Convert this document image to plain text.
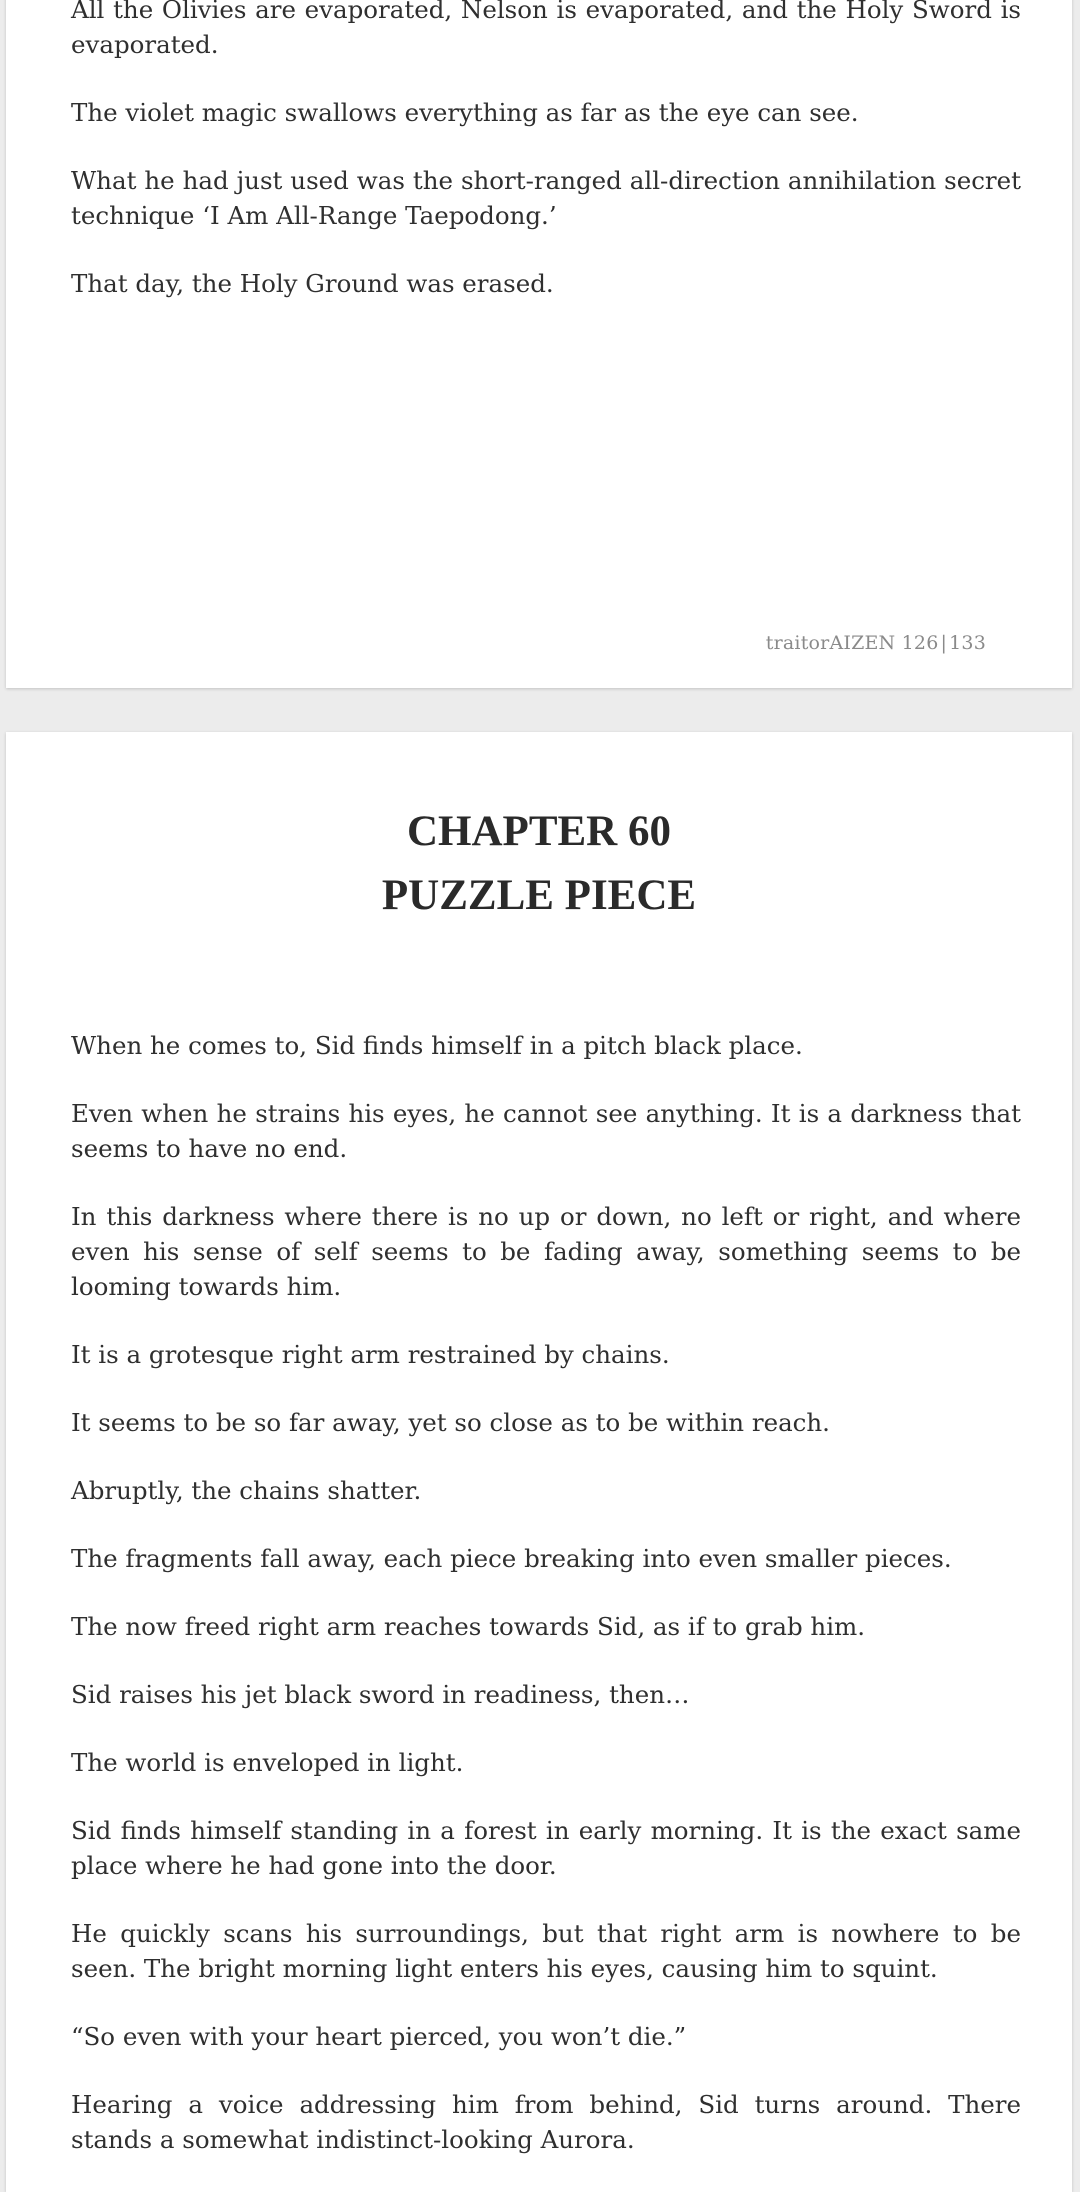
All the Olivies are evaporated, Nelson is evaporated, and the Holy Sword is evaporated.

The violet magic swallows everything as far as the eye can see.

What he had just used was the short-ranged all-direction annihilation secret technique ‘I Am All-Range Taepodong.’

That day, the Holy Ground was erased.

traitorAIZEN 126 | 133
CHAPTER 60
PUZZLE PIECE

When he comes to, Sid finds himself in a pitch black place.

Even when he strains his eyes, he cannot see anything. It is a darkness that seems to have no end.

In this darkness where there is no up or down, no left or right, and where even his sense of self seems to be fading away, something seems to be looming towards him.

It is a grotesque right arm restrained by chains.

It seems to be so far away, yet so close as to be within reach.

Abruptly, the chains shatter.

The fragments fall away, each piece breaking into even smaller pieces.

The now freed right arm reaches towards Sid, as if to grab him.

Sid raises his jet black sword in readiness, then…

The world is enveloped in light.

Sid finds himself standing in a forest in early morning. It is the exact same place where he had gone into the door.

He quickly scans his surroundings, but that right arm is nowhere to be seen. The bright morning light enters his eyes, causing him to squint.

“So even with your heart pierced, you won’t die.”

Hearing a voice addressing him from behind, Sid turns around. There stands a somewhat indistinct-looking Aurora.
